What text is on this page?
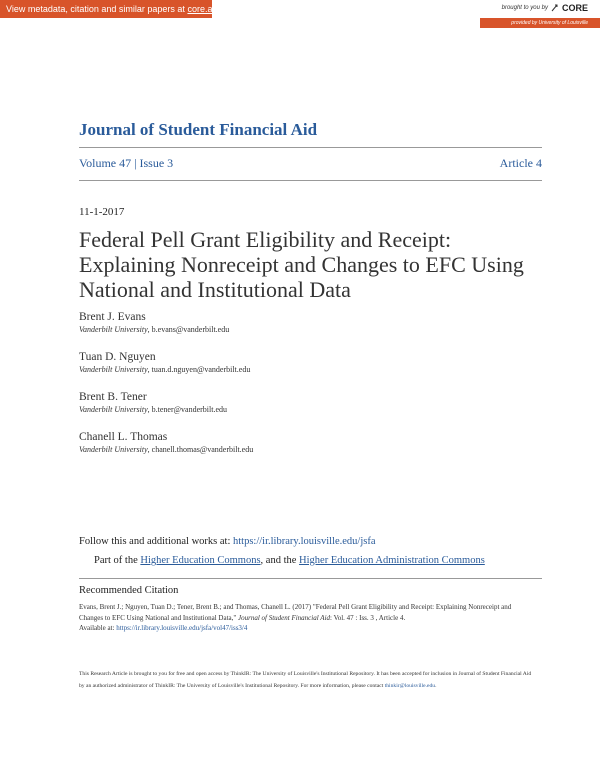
View metadata, citation and similar papers at core.ac.uk	brought to you by CORE
provided by University of Louisville
Journal of Student Financial Aid
Volume 47 | Issue 3	Article 4
11-1-2017
Federal Pell Grant Eligibility and Receipt: Explaining Nonreceipt and Changes to EFC Using National and Institutional Data
Brent J. Evans
Vanderbilt University, b.evans@vanderbilt.edu
Tuan D. Nguyen
Vanderbilt University, tuan.d.nguyen@vanderbilt.edu
Brent B. Tener
Vanderbilt University, b.tener@vanderbilt.edu
Chanell L. Thomas
Vanderbilt University, chanell.thomas@vanderbilt.edu
Follow this and additional works at: https://ir.library.louisville.edu/jsfa
Part of the Higher Education Commons, and the Higher Education Administration Commons
Recommended Citation
Evans, Brent J.; Nguyen, Tuan D.; Tener, Brent B.; and Thomas, Chanell L. (2017) "Federal Pell Grant Eligibility and Receipt: Explaining Nonreceipt and Changes to EFC Using National and Institutional Data," Journal of Student Financial Aid: Vol. 47 : Iss. 3 , Article 4.
Available at: https://ir.library.louisville.edu/jsfa/vol47/iss3/4
This Research Article is brought to you for free and open access by ThinkIR: The University of Louisville's Institutional Repository. It has been accepted for inclusion in Journal of Student Financial Aid by an authorized administrator of ThinkIR: The University of Louisville's Institutional Repository. For more information, please contact thinkir@louisville.edu.
